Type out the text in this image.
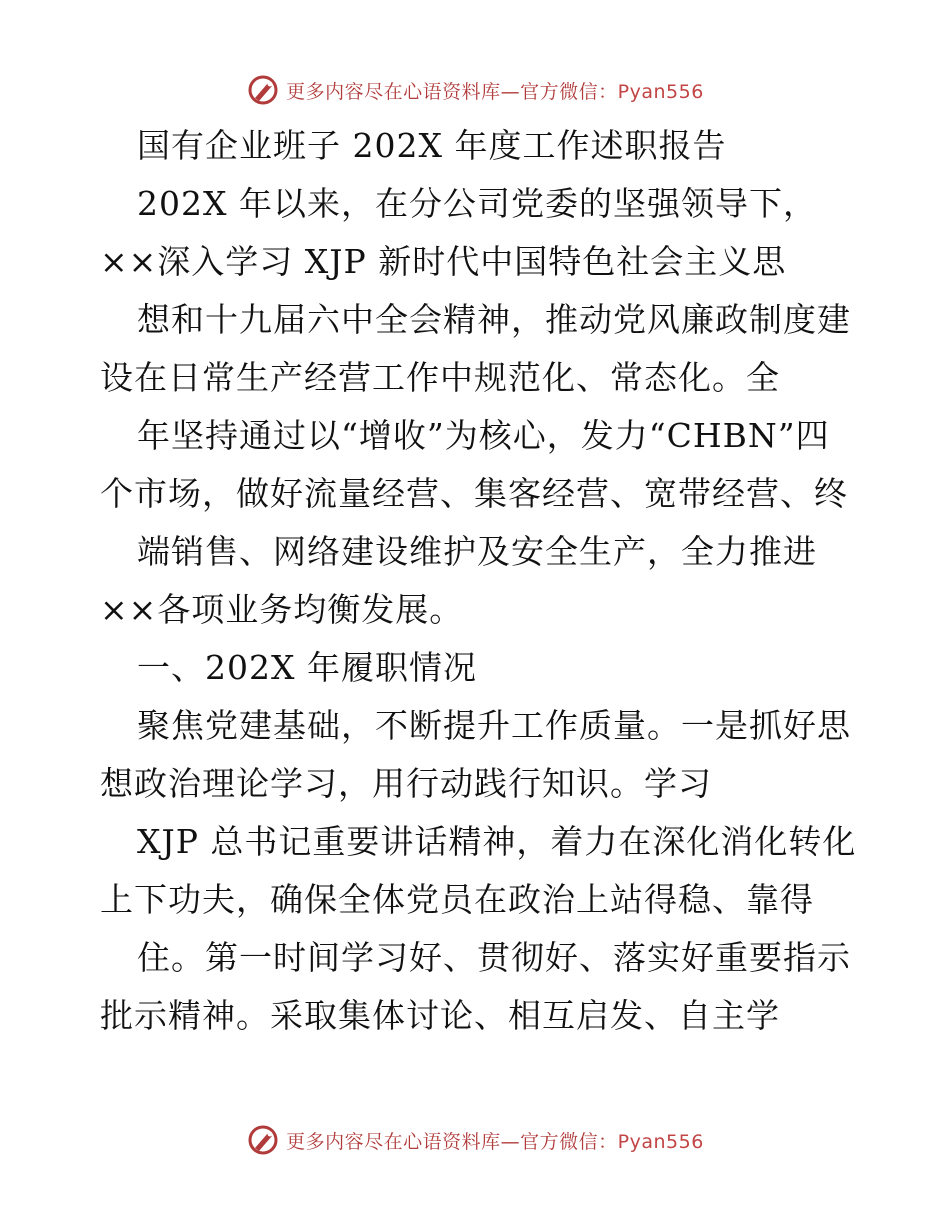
更多内容尽在心语资料库—官方微信：Pyan556
国有企业班子 202X 年度工作述职报告
202X 年以来，在分公司党委的坚强领导下，
××深入学习 XJP 新时代中国特色社会主义思
想和十九届六中全会精神，推动党风廉政制度建
设在日常生产经营工作中规范化、常态化。全
年坚持通过以“增收”为核心，发力“CHBN”四
个市场，做好流量经营、集客经营、宽带经营、终
端销售、网络建设维护及安全生产，全力推进
××各项业务均衡发展。
一、202X 年履职情况
聚焦党建基础，不断提升工作质量。一是抓好思
想政治理论学习，用行动践行知识。学习
XJP 总书记重要讲话精神，着力在深化消化转化
上下功夫，确保全体党员在政治上站得稳、靠得
住。第一时间学习好、贯彻好、落实好重要指示
批示精神。采取集体讨论、相互启发、自主学
更多内容尽在心语资料库—官方微信：Pyan556
